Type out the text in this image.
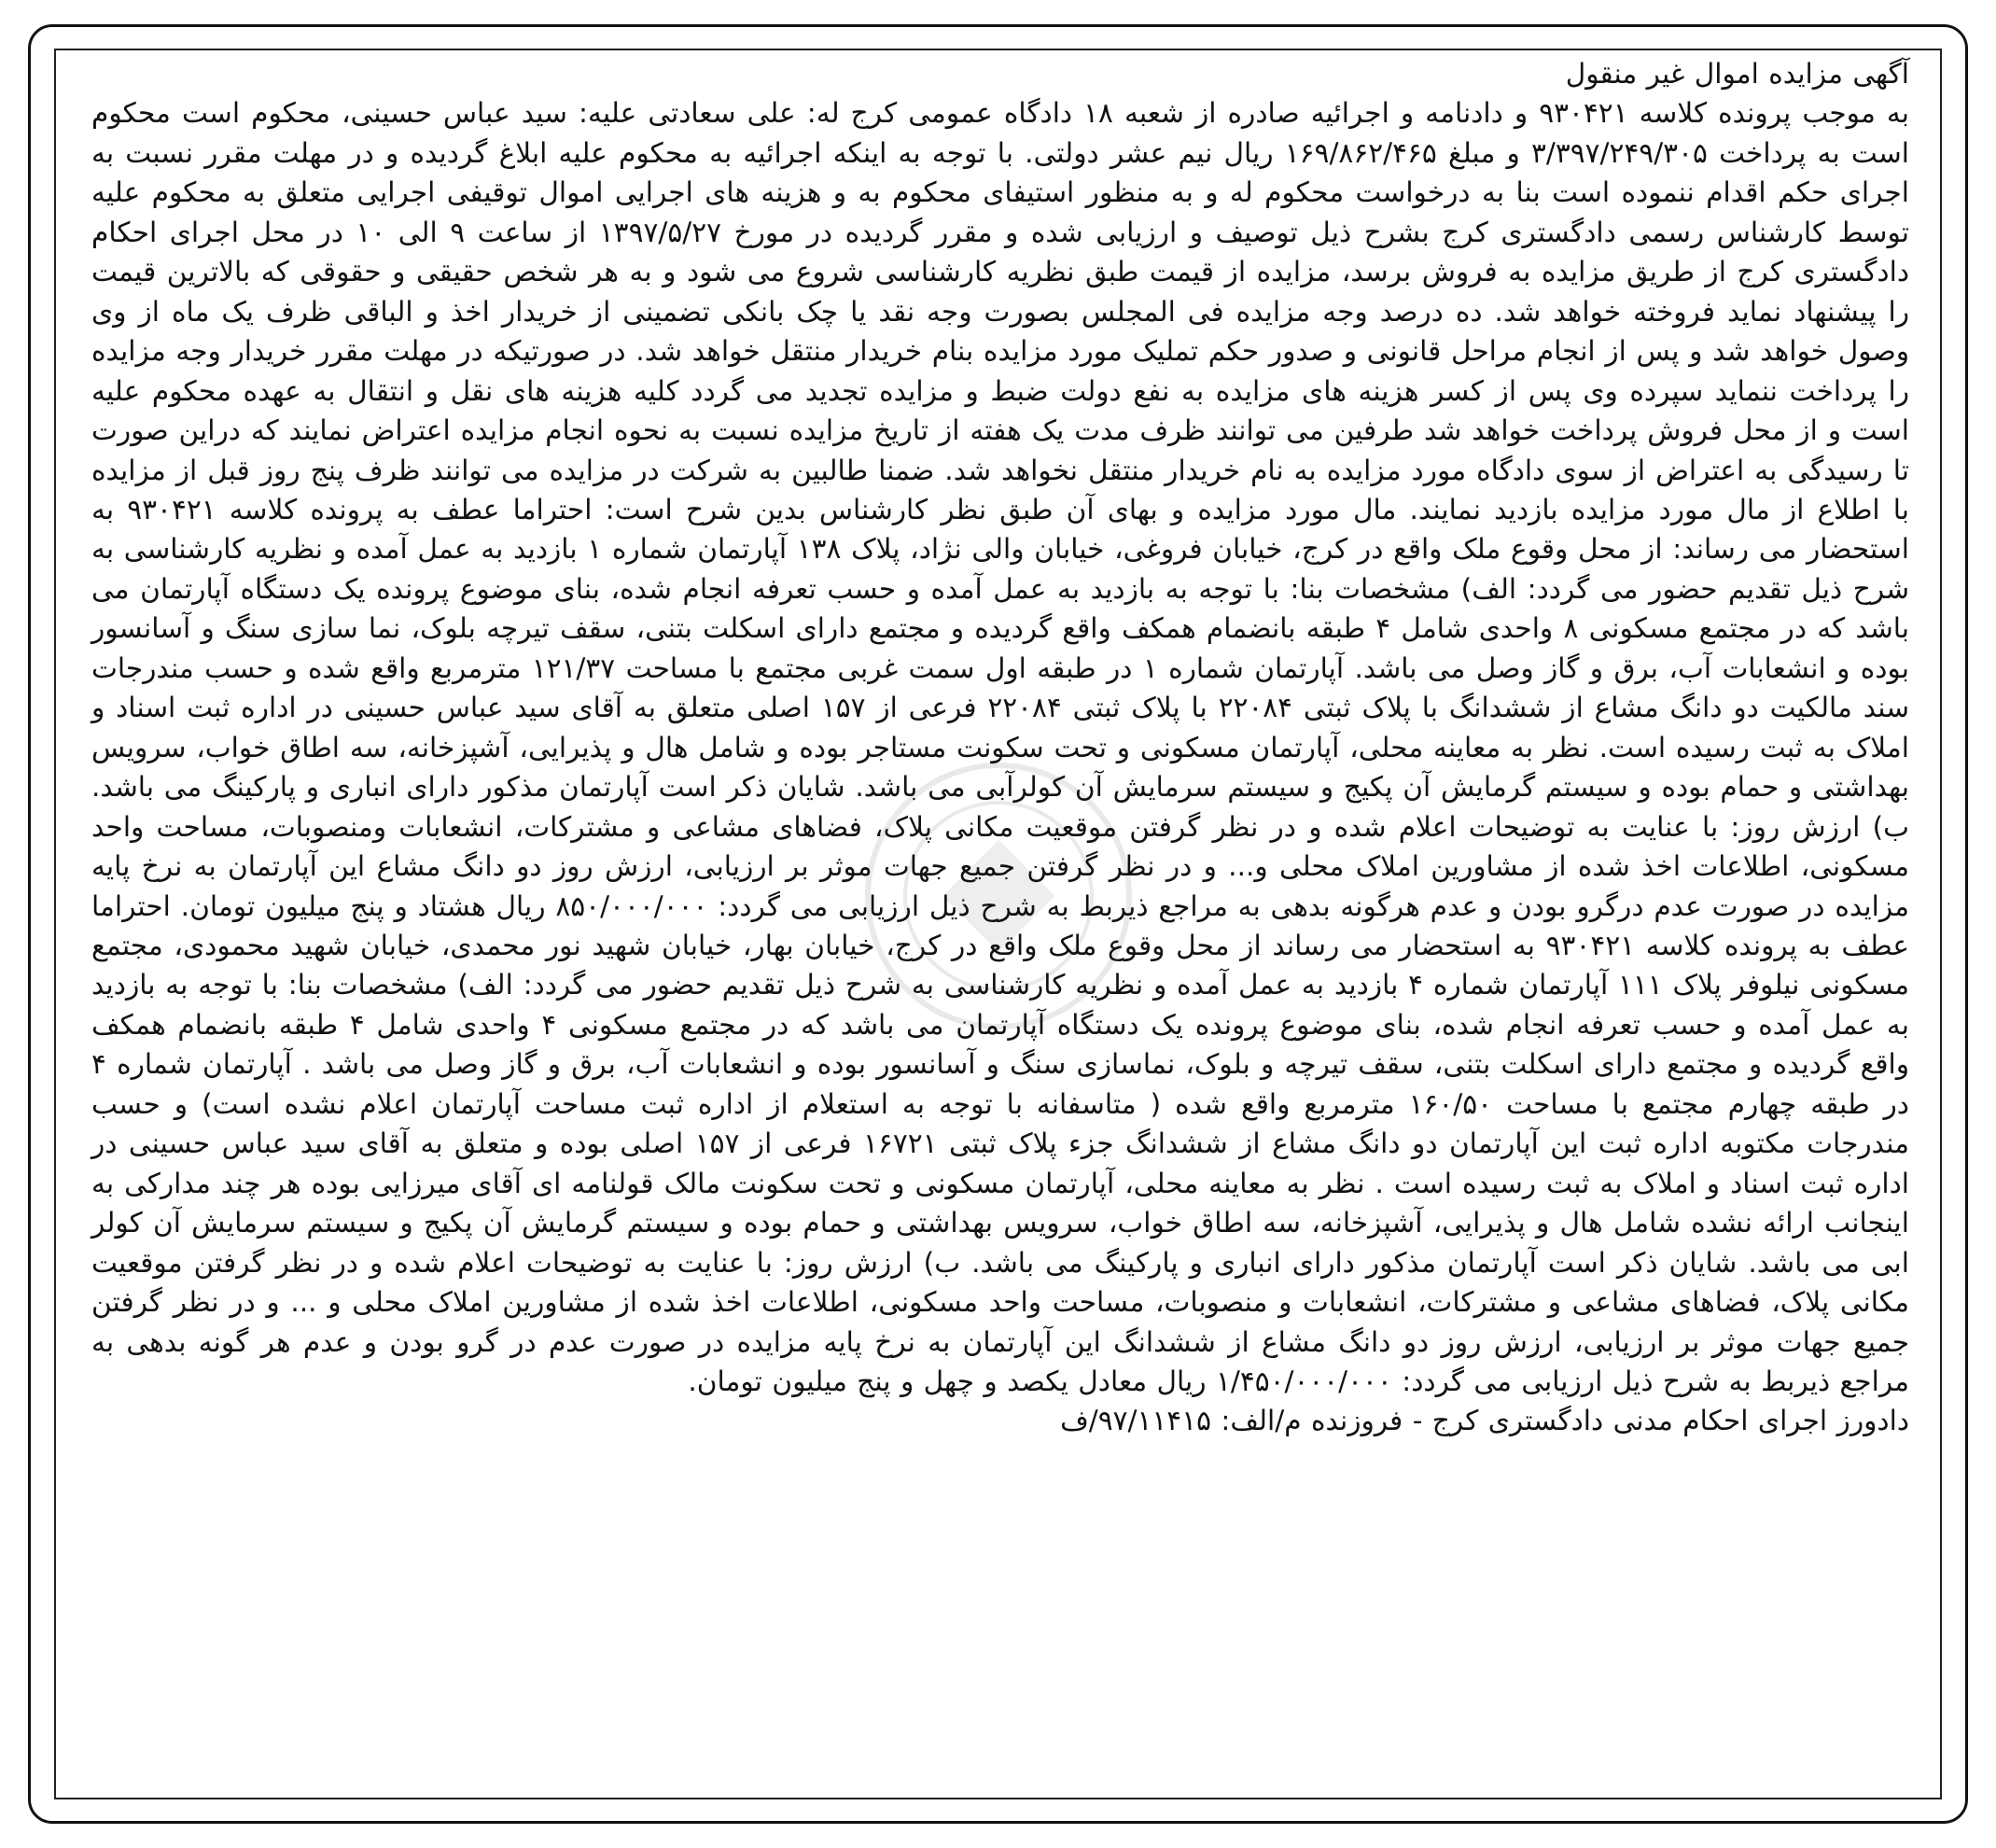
آگهی مزایده اموال غیر منقول

به موجب پرونده کلاسه ۹۳۰۴۲۱ و دادنامه و اجرائیه صادره از شعبه ۱۸ دادگاه عمومی کرج له: علی سعادتی علیه: سید عباس حسینی، محکوم است محکوم است به پرداخت ۳/۳۹۷/۲۴۹/۳۰۵ و مبلغ ۱۶۹/۸۶۲/۴۶۵ ریال نیم عشر دولتی. با توجه به اینکه اجرائیه به محکوم علیه ابلاغ گردیده و در مهلت مقرر نسبت به اجرای حکم اقدام ننموده است بنا به درخواست محکوم له و به منظور استیفای محکوم به و هزینه های اجرایی اموال توقیفی اجرایی متعلق به محکوم علیه توسط کارشناس رسمی دادگستری کرج بشرح ذیل توصیف و ارزیابی شده و مقرر گردیده در مورخ ۱۳۹۷/۵/۲۷ از ساعت ۹ الی ۱۰ در محل اجرای احکام دادگستری کرج از طریق مزایده به فروش برسد، مزایده از قیمت طبق نظریه کارشناسی شروع می شود و به هر شخص حقیقی و حقوقی که بالاترین قیمت را پیشنهاد نماید فروخته خواهد شد. ده درصد وجه مزایده فی المجلس بصورت وجه نقد یا چک بانکی تضمینی از خریدار اخذ و الباقی ظرف یک ماه از وی وصول خواهد شد و پس از انجام مراحل قانونی و صدور حکم تملیک مورد مزایده بنام خریدار منتقل خواهد شد. در صورتیکه در مهلت مقرر خریدار وجه مزایده را پرداخت ننماید سپرده وی پس از کسر هزینه های مزایده به نفع دولت ضبط و مزایده تجدید می گردد کلیه هزینه های نقل و انتقال به عهده محکوم علیه است و از محل فروش پرداخت خواهد شد طرفین می توانند ظرف مدت یک هفته از تاریخ مزایده نسبت به نحوه انجام مزایده اعتراض نمایند که دراین صورت تا رسیدگی به اعتراض از سوی دادگاه مورد مزایده به نام خریدار منتقل نخواهد شد. ضمنا طالبین به شرکت در مزایده می توانند ظرف پنج روز قبل از مزایده با اطلاع از مال مورد مزایده بازدید نمایند. مال مورد مزایده و بهای آن طبق نظر کارشناس بدین شرح است: احتراما عطف به پرونده کلاسه ۹۳۰۴۲۱ به استحضار می رساند: از محل وقوع ملک واقع در کرج، خیابان فروغی، خیابان والی نژاد، پلاک ۱۳۸ آپارتمان شماره ۱ بازدید به عمل آمده و نظریه کارشناسی به شرح ذیل تقدیم حضور می گردد: الف) مشخصات بنا: با توجه به بازدید به عمل آمده و حسب تعرفه انجام شده، بنای موضوع پرونده یک دستگاه آپارتمان می باشد که در مجتمع مسکونی ۸ واحدی شامل ۴ طبقه بانضمام همکف واقع گردیده و مجتمع دارای اسکلت بتنی، سقف تیرچه بلوک، نما سازی سنگ و آسانسور بوده و انشعابات آب، برق و گاز وصل می باشد. آپارتمان شماره ۱ در طبقه اول سمت غربی مجتمع با مساحت ۱۲۱/۳۷ مترمربع واقع شده و حسب مندرجات سند مالکیت دو دانگ مشاع از ششدانگ با پلاک ثبتی ۲۲۰۸۴ با پلاک ثبتی ۲۲۰۸۴ فرعی از ۱۵۷ اصلی متعلق به آقای سید عباس حسینی در اداره ثبت اسناد و املاک به ثبت رسیده است. نظر به معاینه محلی، آپارتمان مسکونی و تحت سکونت مستاجر بوده و شامل هال و پذیرایی، آشپزخانه، سه اطاق خواب، سرویس بهداشتی و حمام بوده و سیستم گرمایش آن پکیج و سیستم سرمایش آن کولرآبی می باشد. شایان ذکر است آپارتمان مذکور دارای انباری و پارکینگ می باشد. ب) ارزش روز: با عنایت به توضیحات اعلام شده و در نظر گرفتن موقعیت مکانی پلاک، فضاهای مشاعی و مشترکات، انشعابات ومنصوبات، مساحت واحد مسکونی، اطلاعات اخذ شده از مشاورین املاک محلی و... و در نظر گرفتن جمیع جهات موثر بر ارزیابی، ارزش روز دو دانگ مشاع این آپارتمان به نرخ پایه مزایده در صورت عدم درگرو بودن و عدم هرگونه بدهی به مراجع ذیربط به شرح ذیل ارزیابی می گردد: ۸۵۰/۰۰۰/۰۰۰ ریال هشتاد و پنج میلیون تومان. احتراما عطف به پرونده کلاسه ۹۳۰۴۲۱ به استحضار می رساند از محل وقوع ملک واقع در کرج، خیابان بهار، خیابان شهید نور محمدی، خیابان شهید محمودی، مجتمع مسکونی نیلوفر پلاک ۱۱۱ آپارتمان شماره ۴ بازدید به عمل آمده و نظریه کارشناسی به شرح ذیل تقدیم حضور می گردد: الف) مشخصات بنا: با توجه به بازدید به عمل آمده و حسب تعرفه انجام شده، بنای موضوع پرونده یک دستگاه آپارتمان می باشد که در مجتمع مسکونی ۴ واحدی شامل ۴ طبقه بانضمام همکف واقع گردیده و مجتمع دارای اسکلت بتنی، سقف تیرچه و بلوک، نماسازی سنگ و آسانسور بوده و انشعابات آب، برق و گاز وصل می باشد . آپارتمان شماره ۴ در طبقه چهارم مجتمع با مساحت ۱۶۰/۵۰ مترمربع واقع شده ( متاسفانه با توجه به استعلام از اداره ثبت مساحت آپارتمان اعلام نشده است) و حسب مندرجات مکتوبه اداره ثبت این آپارتمان دو دانگ مشاع از ششدانگ جزء پلاک ثبتی ۱۶۷۲۱ فرعی از ۱۵۷ اصلی بوده و متعلق به آقای سید عباس حسینی در اداره ثبت اسناد و املاک به ثبت رسیده است . نظر به معاینه محلی، آپارتمان مسکونی و تحت سکونت مالک قولنامه ای آقای میرزایی بوده هر چند مدارکی به اینجانب ارائه نشده شامل هال و پذیرایی، آشپزخانه، سه اطاق خواب، سرویس بهداشتی و حمام بوده و سیستم گرمایش آن پکیج و سیستم سرمایش آن کولر ابی می باشد. شایان ذکر است آپارتمان مذکور دارای انباری و پارکینگ می باشد. ب) ارزش روز: با عنایت به توضیحات اعلام شده و در نظر گرفتن موقعیت مکانی پلاک، فضاهای مشاعی و مشترکات، انشعابات و منصوبات، مساحت واحد مسکونی، اطلاعات اخذ شده از مشاورین املاک محلی و ... و در نظر گرفتن جمیع جهات موثر بر ارزیابی، ارزش روز دو دانگ مشاع از ششدانگ این آپارتمان به نرخ پایه مزایده در صورت عدم در گرو بودن و عدم هر گونه بدهی به مراجع ذیربط به شرح ذیل ارزیابی می گردد: ۱/۴۵۰/۰۰۰/۰۰۰ ریال معادل یکصد و چهل و پنج میلیون تومان.

دادورز اجرای احکام مدنی دادگستری کرج - فروزنده م/الف: ۹۷/۱۱۴۱۵/ف
